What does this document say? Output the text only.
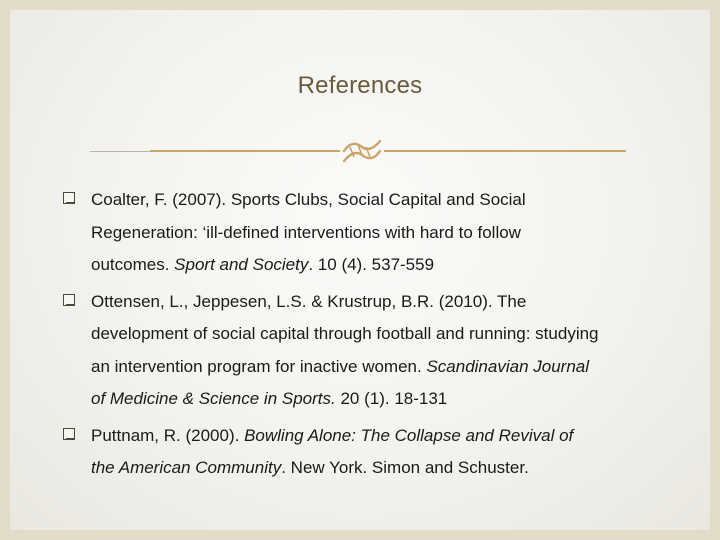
References
Coalter, F. (2007). Sports Clubs, Social Capital and Social
Regeneration: ‘ill-defined interventions with hard to follow
outcomes. Sport and Society. 10 (4). 537-559
Ottensen, L., Jeppesen, L.S. & Krustrup, B.R. (2010). The
development of social capital through football and running: studying
an intervention program for inactive women. Scandinavian Journal
of Medicine & Science in Sports. 20 (1). 18-131
Puttnam, R. (2000). Bowling Alone: The Collapse and Revival of
the American Community. New York. Simon and Schuster.
